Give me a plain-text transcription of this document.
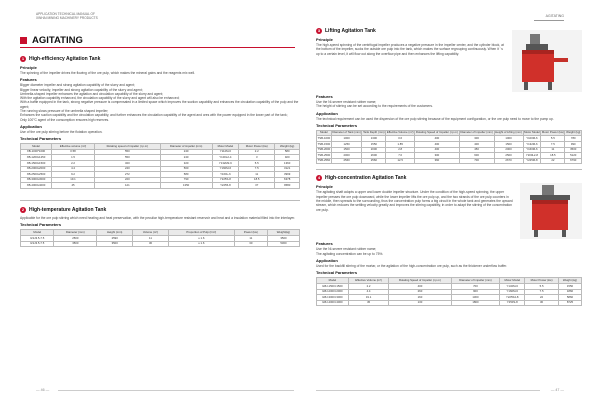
APPLICATION TECHNICAL MANUAL OF
XINHAI MINING MACHINERY PRODUCTS	AGITATING
AGITATING
1 High-efficiency Agitation Tank
Principle
The spinning of the impeller drives the flowing of the ore pulp, which makes the mineral gains and the reagents mix well.
Features
Bigger diameter impeller and strong agitation capability of the slurry and agent;
Bigger linear velocity, impeller and strong agitation capability of the slurry and agent;
Umbrella-shaped impeller enhances the agitation and circulation capability of the slurry and agent;
With the agitation capability enhanced, the circulation capability of the slurry and agent will also be enhanced;
With a baffle equipped in the tank, strong negative pressure is compensated in a limited space which improves the suction capability and enhances the circulation capability of the pulp and the agent;
The running slows pressure of the umbrella shaped impeller;
Enhances the suction capability and the circulation capability, and further enhances the circulation capability of the agent and ores with the power equipped in the lower part of the tank;
Only 100°C agent of the consumption ensures high reserves.
Application
Use of the ore pulp stirring before the flotation operation.
Technical Parameters
Model	Effective volume (m³)	Rotating speed of impeller (r.p.m)	Diameter of impeller (mm)	Motor Model	Motor Power (kw)	Weight (kg)
XB-1000*1000	0.58	550	240	Y112M-6	2.2	580
XB-1200x1250	1.5	550	240	Y100L2-4	3	920
XB-1500x1500	2.2	320	320	Y132M2-6	5.5	1360
XB-2000x2000	4.4	240	560	Y160M-6	7.5	3121
XB-2500x2500	9.2	272	580	Y160L-6	11	3999
XB-3000x3000	19.1	220	790	Y225S-8	18.5	6378
XB-4000x4000	45	121	1350	Y2255-8	37	9580
2 High-temperature Agitation Tank
Applicable for the ore pulp stirring which need heating and heat preservation, with the peculiar high-temperature resistant reservoir and heat and a insulation material filled into the interlayer.
Technical Parameters
Model	Diameter (mm)	Height (mm)	Volume (m³)	Proportion of Pulp (t/m³)	Power (kw)	Weight(kg)
GSJ3.5-7.5	2500	2590	11	≤ 1.6	11	3500
GSJ3.5-7.5	3500	3500	30	≤ 1.6	30	5300
3 Lifting Agitation Tank
Principle
The high-speed spinning of the centrifugal impeller produces a negative pressure in the impeller center, and the cylinder block, at the bottom of the impeller, sucks the outside ore pulp into the tank, which makes the surface regrouping continuously. When it ' s up to a certain level, it will flow out along the overflow pipe and then enhances the lifting capability.
Features
Use the Ni-severe resistant rubber name;
The height of stirring can be set according to the requirements of the customers.
Application
The technical requirement can be used the dispersion of the ore pulp stirring because of the equipment configuration, or the ore pulp need to move to the pump up.
Technical Parameters
Model	Diameter of Tank (mm)	Tank Depth (mm)	Effective Volume (m³)	Rotating Speed of Impeller (r.p.m)	Diameter of Impeller (mm)	Height of Lifting (mm)	Motor Model	Motor Power (kw)	Weight (kg)
TSB-1000	1000	1300	0.6	400	300	1000	Y100M-6	5.5	780
TSB-1500	1250	1550	1.85	400	400	1500	Y132M-6	7.5	990
TSB-2000	1500	2000	2.8	400	450	2000	Y160M-6	11	3500
TSB-2500	2000	2600	7.0	300	600	2500	Y200L2-8	18.5	5120
TSB-2560	2560	2560	12.5	360	700	2670	Y225M-8	22	6790
4 High-concentration Agitation Tank
Principle
The agitating shaft adopts a upper and lower double impeller structure. Under the condition of the high-speed spinning, the upper impeller presses the ore pulp downward, while the lower impeller lifts the ore pulp up, and the two strands of the ore pulp counters in the middle, then spreads to the surrounding, thus the concentration pulp forms a big circuit in the whole tank and generates the upward stream, which reduces the settling velocity greatly and improves the stirring capability, in order to adapt the stirring of the concentration ore pulp.
Features
Use the Ni-severe resistant rubber name;
The agitating concentration can be up to 75%.
Application
Used for the backfill stirring of the mortar, or the agitation of the high-concentration ore pulp, such as the thickener underflow buffer.
Technical Parameters
Model	Effective Volume (m³)	Rotating Speed of Impeller (r.p.m)	Diameter of Impeller (mm)	Motor Model	Motor Power (kw)	Weight (kg)
GBJ-1500×1500	2.2	400	700	Y132M-6	5.5	1550
GBJ-2000×2000	4.4	260	900	Y160M-6	7.5	1860
GBJ-3000×3000	19.1	160	1300	Y225S4-8	22	5860
GBJ-4000×4000	45	130	1860	Y250S-8	30	8725
— 46 —	— 47 —
